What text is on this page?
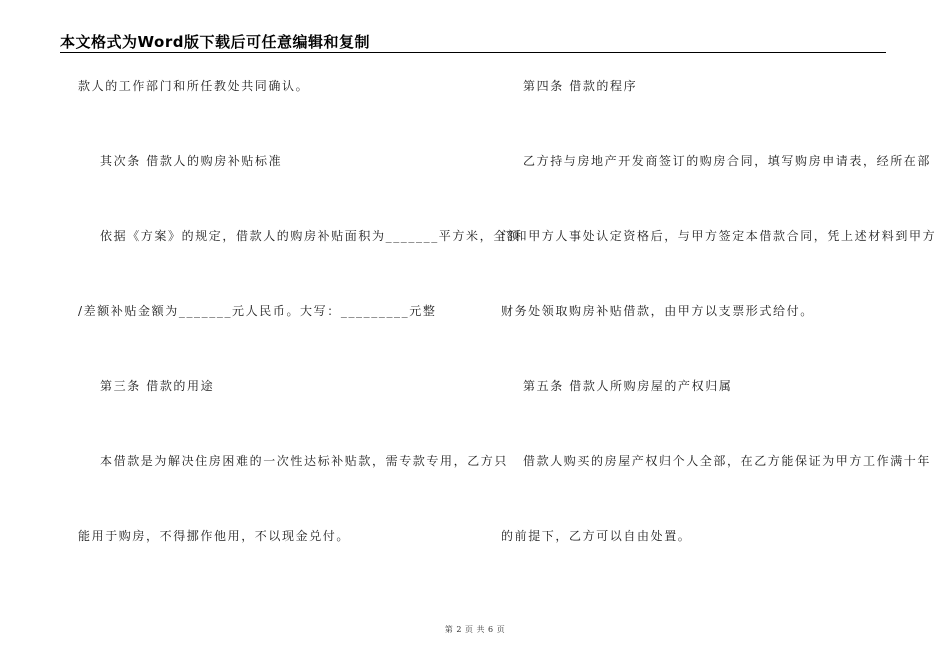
本文格式为Word版下载后可任意编辑和复制
款人的工作部门和所任教处共同确认。
其次条 借款人的购房补贴标准
依据《方案》的规定，借款人的购房补贴面积为_______平方米，全额
/差额补贴金额为_______元人民币。大写：_________元整
第三条 借款的用途
本借款是为解决住房困难的一次性达标补贴款，需专款专用，乙方只
能用于购房，不得挪作他用，不以现金兑付。
第四条 借款的程序
乙方持与房地产开发商签订的购房合同，填写购房申请表，经所在部
门和甲方人事处认定资格后，与甲方签定本借款合同，凭上述材料到甲方
财务处领取购房补贴借款，由甲方以支票形式给付。
第五条 借款人所购房屋的产权归属
借款人购买的房屋产权归个人全部，在乙方能保证为甲方工作满十年
的前提下，乙方可以自由处置。
第 2 页 共 6 页
